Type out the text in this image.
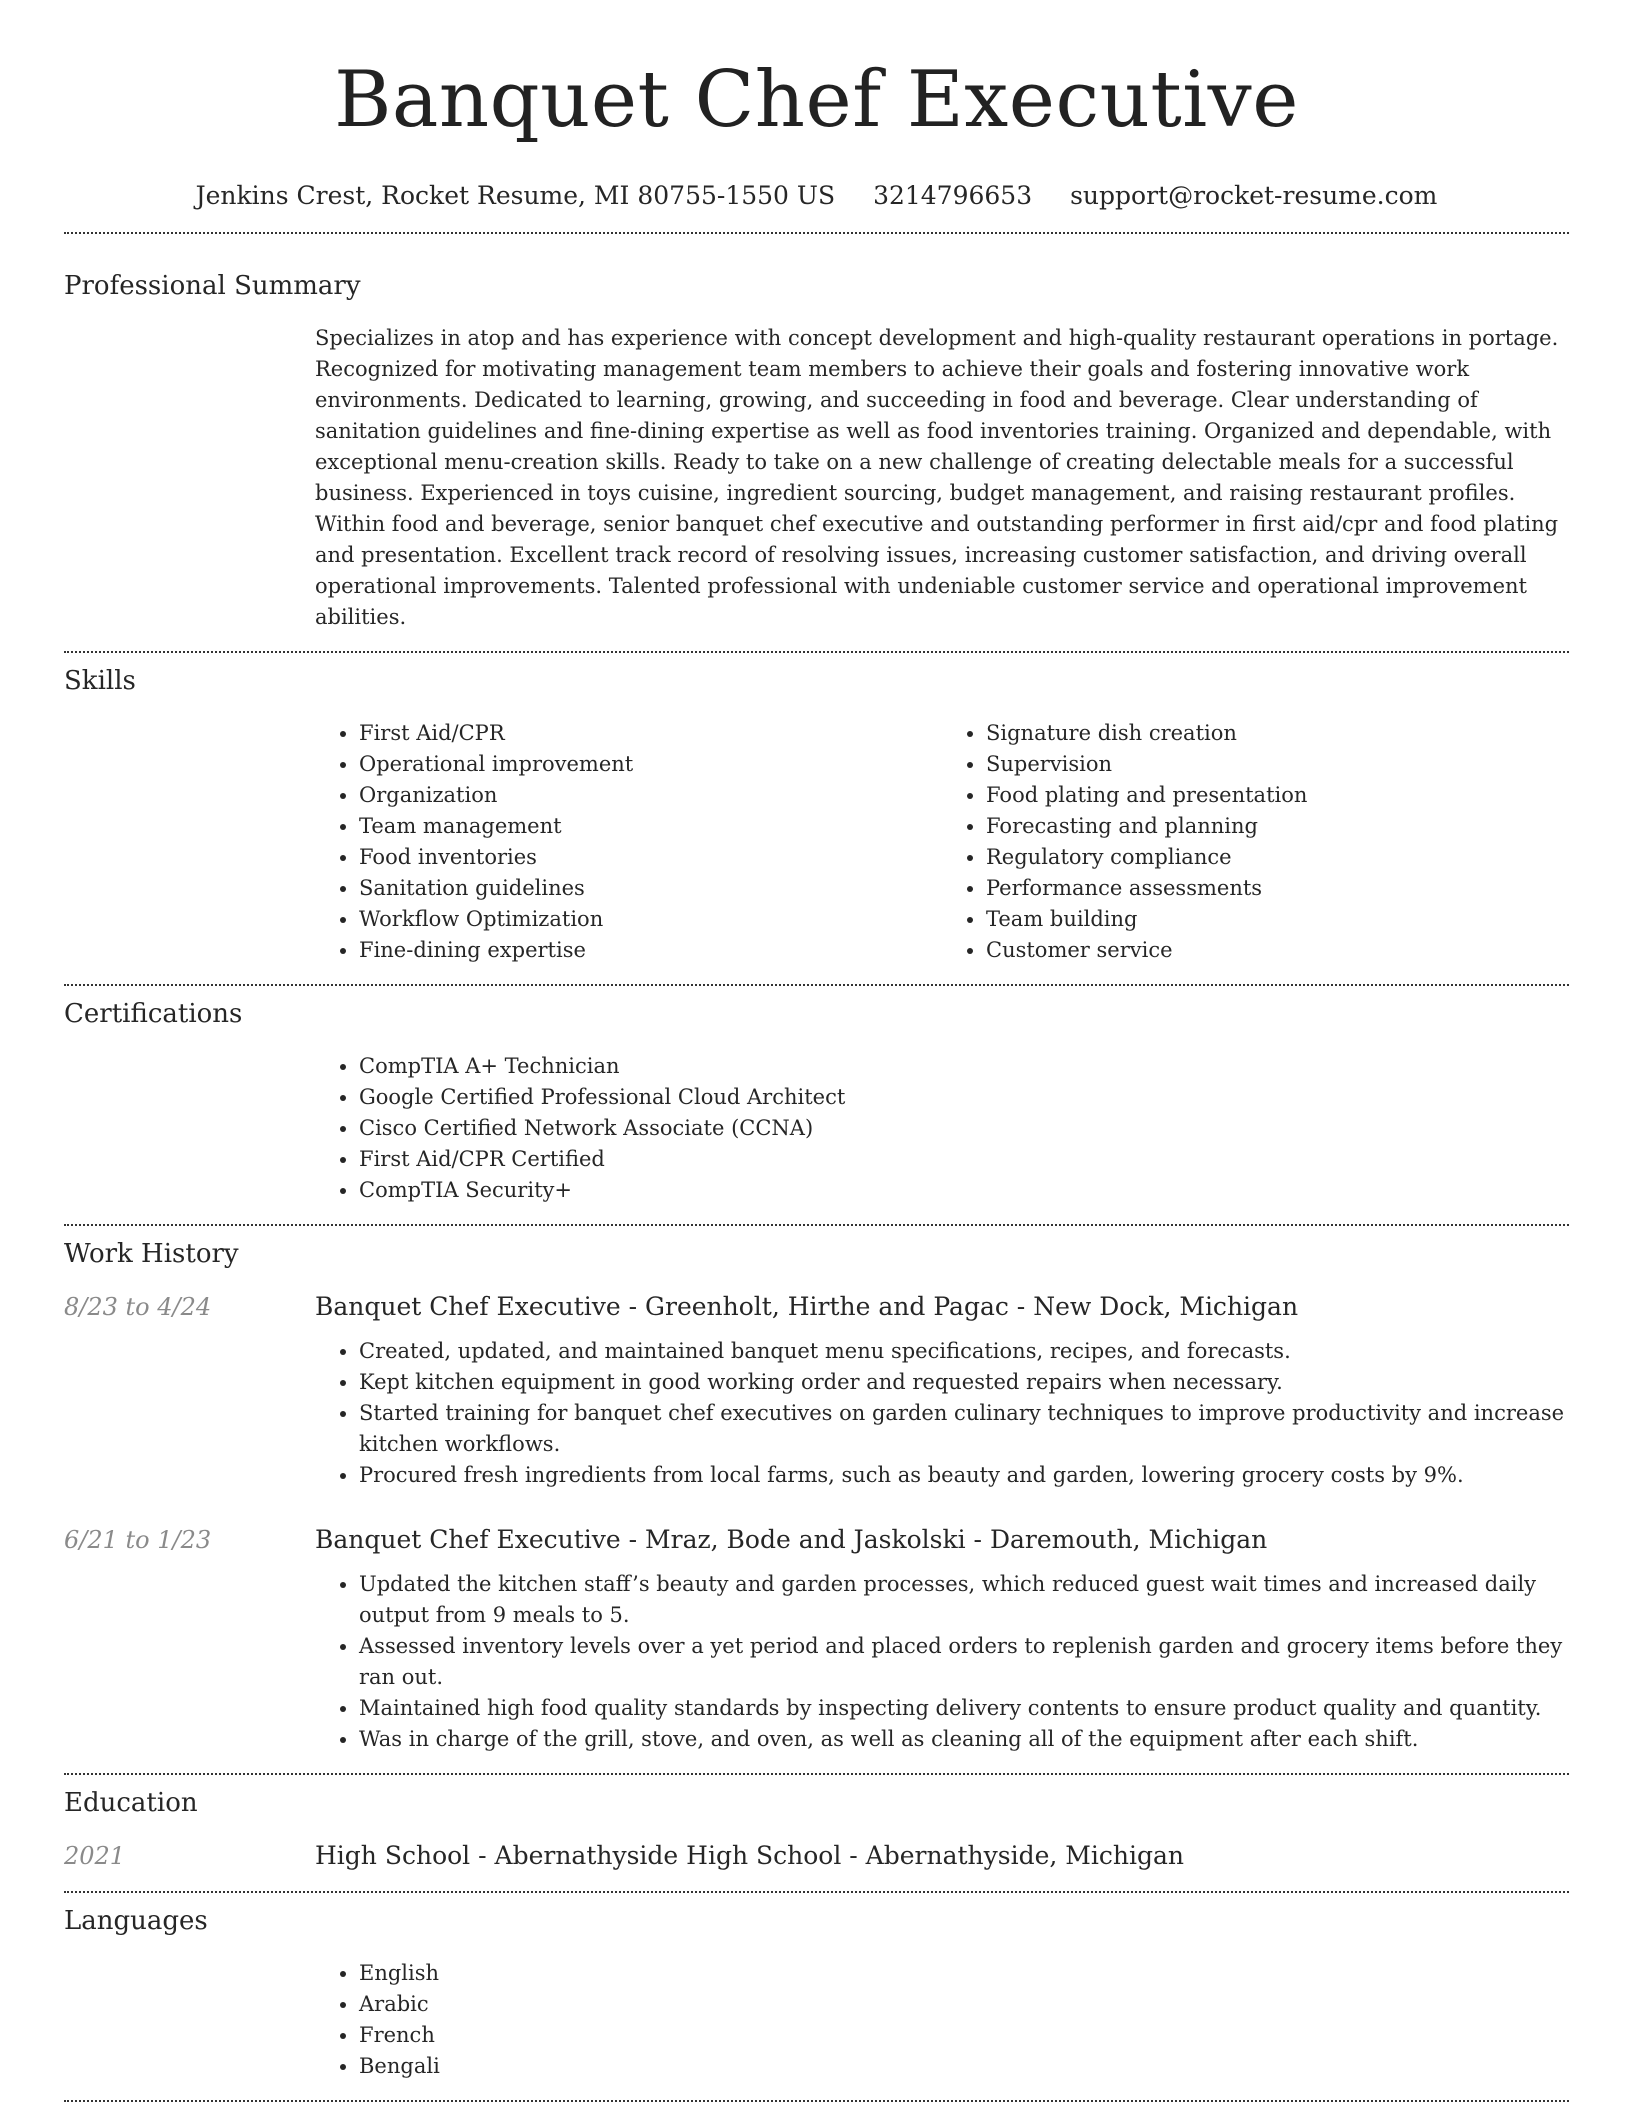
Banquet Chef Executive
Jenkins Crest, Rocket Resume, MI 80755-1550 US 3214796653 support@rocket-resume.com
Professional Summary

Specializes in atop and has experience with concept development and high-quality restaurant operations in portage. Recognized for motivating management team members to achieve their goals and fostering innovative work environments. Dedicated to learning, growing, and succeeding in food and beverage. Clear understanding of sanitation guidelines and fine-dining expertise as well as food inventories training. Organized and dependable, with exceptional menu-creation skills. Ready to take on a new challenge of creating delectable meals for a successful business. Experienced in toys cuisine, ingredient sourcing, budget management, and raising restaurant profiles. Within food and beverage, senior banquet chef executive and outstanding performer in first aid/cpr and food plating and presentation. Excellent track record of resolving issues, increasing customer satisfaction, and driving overall operational improvements. Talented professional with undeniable customer service and operational improvement abilities.

Skills
• First Aid/CPR
• Operational improvement
• Organization
• Team management
• Food inventories
• Sanitation guidelines
• Workflow Optimization
• Fine-dining expertise
• Signature dish creation
• Supervision
• Food plating and presentation
• Forecasting and planning
• Regulatory compliance
• Performance assessments
• Team building
• Customer service
Certifications
• CompTIA A+ Technician
• Google Certified Professional Cloud Architect
• Cisco Certified Network Associate (CCNA)
• First Aid/CPR Certified
• CompTIA Security+
Work History
8/23 to 4/24	Banquet Chef Executive - Greenholt, Hirthe and Pagac - New Dock, Michigan
• Created, updated, and maintained banquet menu specifications, recipes, and forecasts.
• Kept kitchen equipment in good working order and requested repairs when necessary.
• Started training for banquet chef executives on garden culinary techniques to improve productivity and increase kitchen workflows.
• Procured fresh ingredients from local farms, such as beauty and garden, lowering grocery costs by 9%.
6/21 to 1/23	Banquet Chef Executive - Mraz, Bode and Jaskolski - Daremouth, Michigan
• Updated the kitchen staff’s beauty and garden processes, which reduced guest wait times and increased daily output from 9 meals to 5.
• Assessed inventory levels over a yet period and placed orders to replenish garden and grocery items before they ran out.
• Maintained high food quality standards by inspecting delivery contents to ensure product quality and quantity.
• Was in charge of the grill, stove, and oven, as well as cleaning all of the equipment after each shift.
Education
2021	High School - Abernathyside High School - Abernathyside, Michigan
Languages
• English
• Arabic
• French
• Bengali
